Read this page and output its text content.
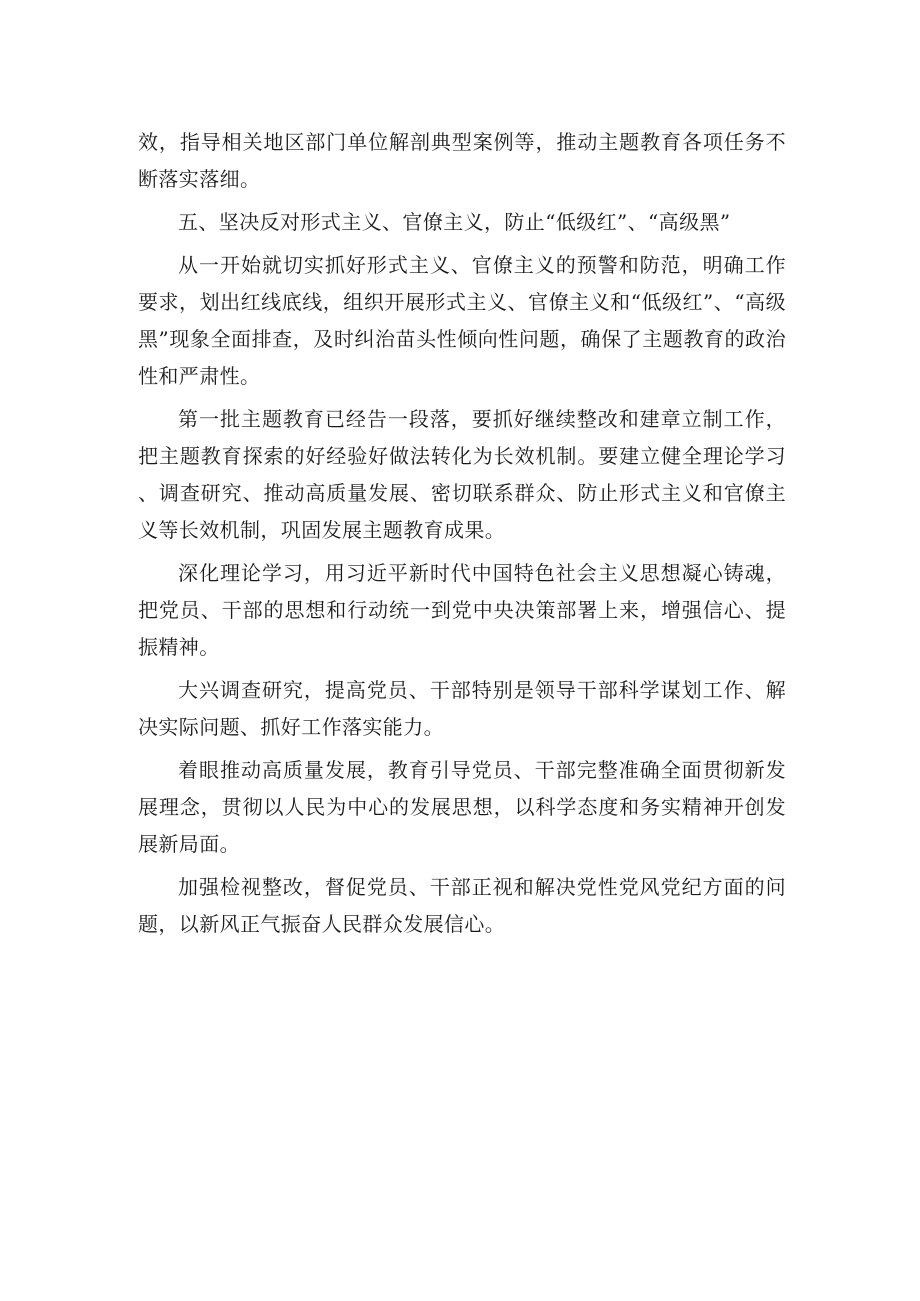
效，指导相关地区部门单位解剖典型案例等，推动主题教育各项任务不断落实落细。

五、坚决反对形式主义、官僚主义，防止“低级红”、“高级黑”

从一开始就切实抓好形式主义、官僚主义的预警和防范，明确工作要求，划出红线底线，组织开展形式主义、官僚主义和“低级红”、“高级黑”现象全面排查，及时纠治苗头性倾向性问题，确保了主题教育的政治性和严肃性。

第一批主题教育已经告一段落，要抓好继续整改和建章立制工作，把主题教育探索的好经验好做法转化为长效机制。要建立健全理论学习、调查研究、推动高质量发展、密切联系群众、防止形式主义和官僚主义等长效机制，巩固发展主题教育成果。

深化理论学习，用习近平新时代中国特色社会主义思想凝心铸魂，把党员、干部的思想和行动统一到党中央决策部署上来，增强信心、提振精神。

大兴调查研究，提高党员、干部特别是领导干部科学谋划工作、解决实际问题、抓好工作落实能力。

着眼推动高质量发展，教育引导党员、干部完整准确全面贯彻新发展理念，贯彻以人民为中心的发展思想，以科学态度和务实精神开创发展新局面。

加强检视整改，督促党员、干部正视和解决党性党风党纪方面的问题，以新风正气振奋人民群众发展信心。
